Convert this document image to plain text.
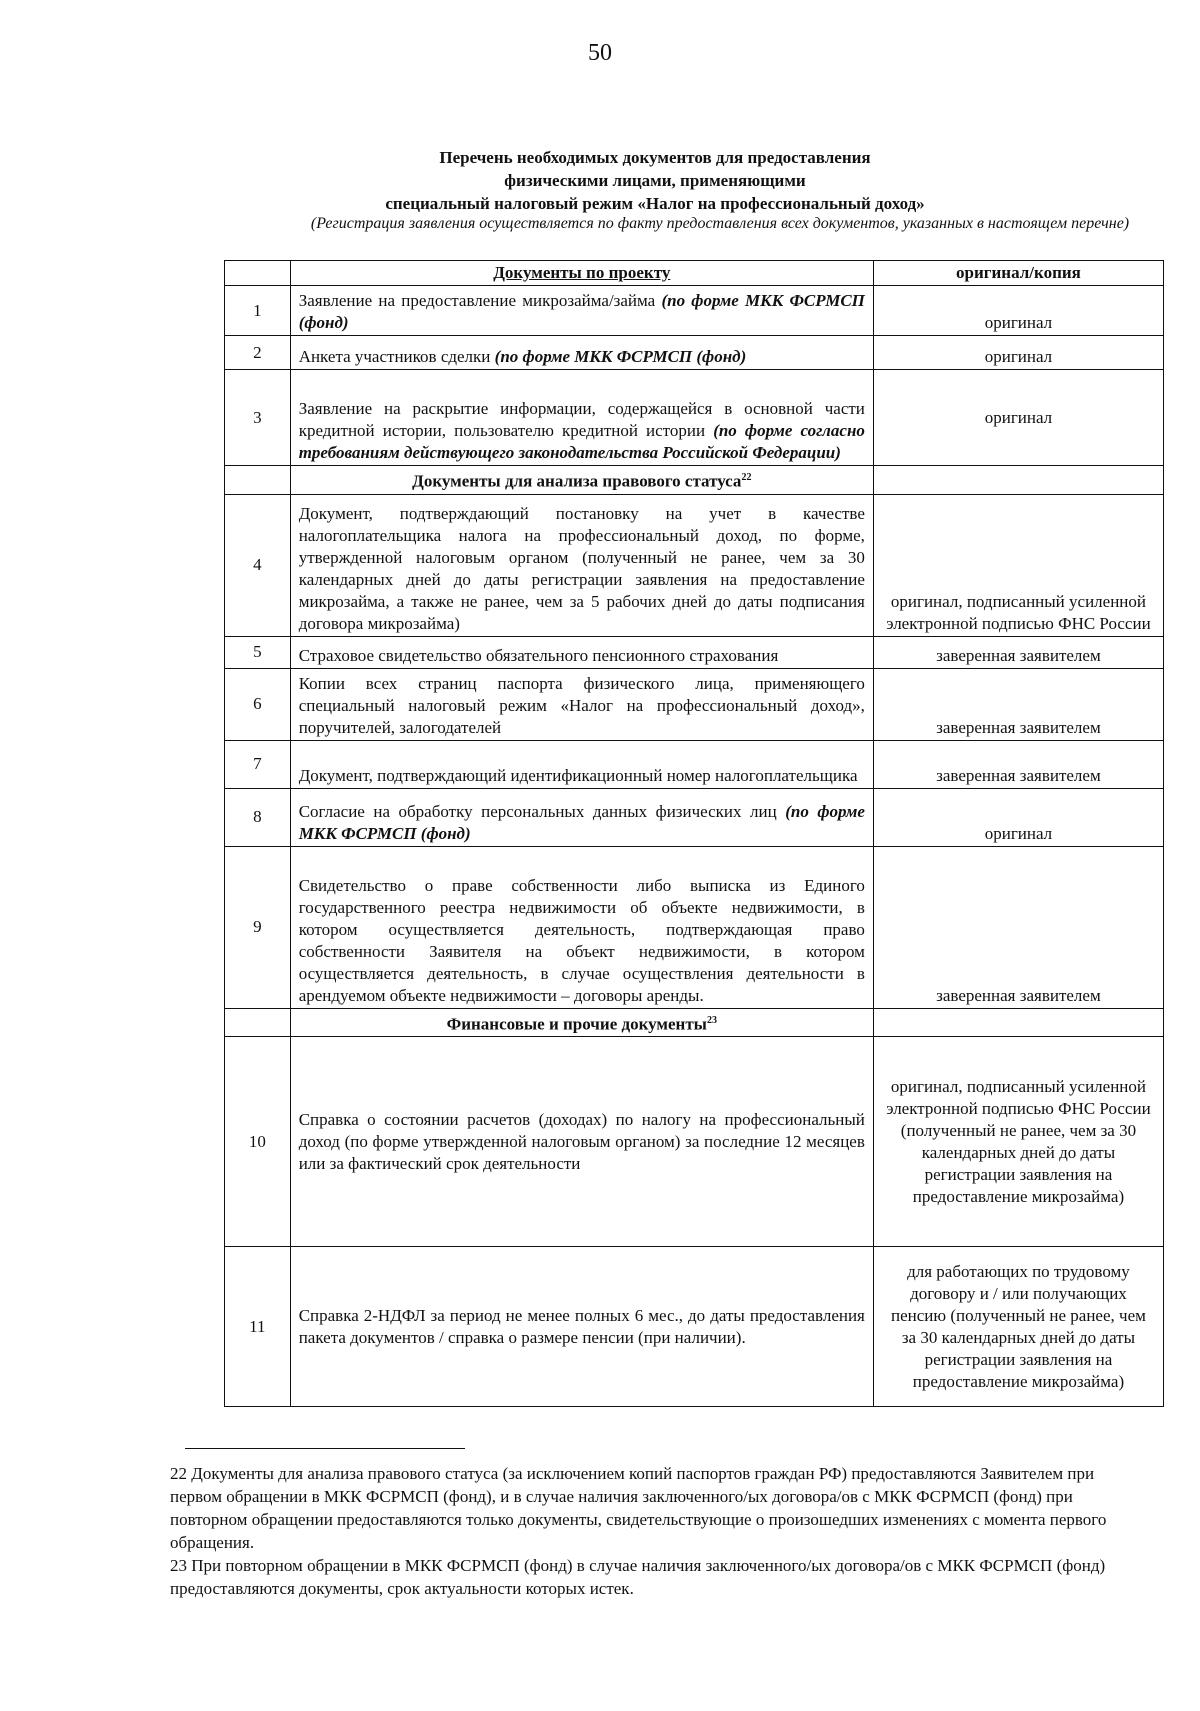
50
Перечень необходимых документов для предоставления
физическими лицами, применяющими
специальный налоговый режим «Налог на профессиональный доход»
(Регистрация заявления осуществляется по факту предоставления всех документов, указанных в настоящем перечне)
	Документы по проекту	оригинал/копия
1	Заявление на предоставление микрозайма/займа (по форме МКК ФСРМСП (фонд)	оригинал
2	Анкета участников сделки (по форме МКК ФСРМСП (фонд)	оригинал
3	Заявление на раскрытие информации, содержащейся в основной части кредитной истории, пользователю кредитной истории (по форме согласно требованиям действующего законодательства Российской Федерации)	оригинал
	Документы для анализа правового статуса$^{22}$	
4	Документ, подтверждающий постановку на учет в качестве налогоплательщика налога на профессиональный доход, по форме, утвержденной налоговым органом (полученный не ранее, чем за 30 календарных дней до даты регистрации заявления на предоставление микрозайма, а также не ранее, чем за 5 рабочих дней до даты подписания договора микрозайма)	оригинал, подписанный усиленной электронной подписью ФНС России
5	Страховое свидетельство обязательного пенсионного страхования	заверенная заявителем
6	Копии всех страниц паспорта физического лица, применяющего специальный налоговый режим «Налог на профессиональный доход», поручителей, залогодателей	заверенная заявителем
7	Документ, подтверждающий идентификационный номер налогоплательщика	заверенная заявителем
8	Согласие на обработку персональных данных физических лиц (по форме МКК ФСРМСП (фонд)	оригинал
9	Свидетельство о праве собственности либо выписка из Единого государственного реестра недвижимости об объекте недвижимости, в котором осуществляется деятельность, подтверждающая право собственности Заявителя на объект недвижимости, в котором осуществляется деятельность, в случае осуществления деятельности в арендуемом объекте недвижимости – договоры аренды.	заверенная заявителем
	Финансовые и прочие документы$^{23}$	
10	Справка о состоянии расчетов (доходах) по налогу на профессиональный доход (по форме утвержденной налоговым органом) за последние 12 месяцев или за фактический срок деятельности	оригинал, подписанный усиленной электронной подписью ФНС России (полученный не ранее, чем за 30 календарных дней до даты регистрации заявления на предоставление микрозайма)
11	Справка 2-НДФЛ за период не менее полных 6 мес., до даты предоставления пакета документов / справка о размере пенсии (при наличии).	для работающих по трудовому договору и / или получающих пенсию (полученный не ранее, чем за 30 календарных дней до даты регистрации заявления на предоставление микрозайма)

22 Документы для анализа правового статуса (за исключением копий паспортов граждан РФ) предоставляются Заявителем при первом обращении в МКК ФСРМСП (фонд), и в случае наличия заключенного/ых договора/ов с МКК ФСРМСП (фонд) при повторном обращении предоставляются только документы, свидетельствующие о произошедших изменениях с момента первого обращения.

23 При повторном обращении в МКК ФСРМСП (фонд) в случае наличия заключенного/ых договора/ов с МКК ФСРМСП (фонд) предоставляются документы, срок актуальности которых истек.
